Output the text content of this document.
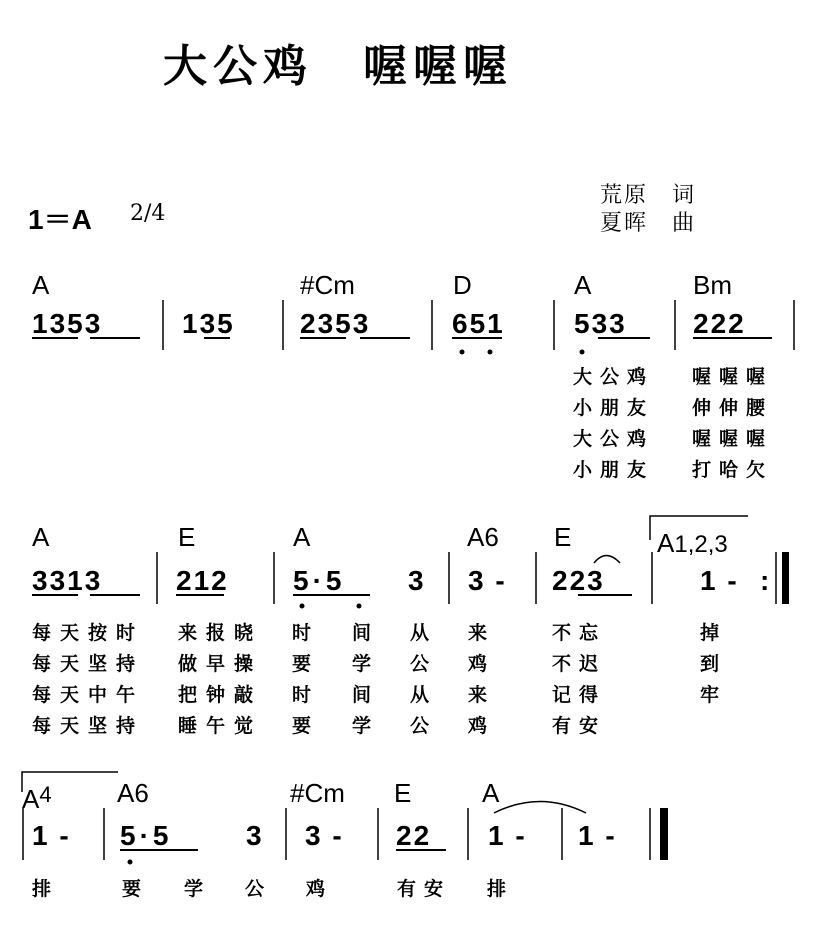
大公鸡　喔喔喔
荒原　词
夏晖　曲
1＝A 2/4
A	#Cm	D	A	Bm
1353	135 2353	651 533 222
大公鸡 喔喔喔
小朋友 伸伸腰
大公鸡 喔喔喔
小朋友 打哈欠
A	E	A	A6 E	A1,2,3
3313	212 5·5 3 3 - 223	1 - :
每天按时 来报晓 时 间 从 来	不忘	掉
每天坚持 做早操 要 学 公 鸡	不迟	到
每天中午 把钟敲 时 间 从 来	记得	牢
每天坚持 睡午觉 要 学 公 鸡	有安
$A^4$	A6	#Cm E	A
1 - 5·5	3 3 - 22 1 - 1 -
排	要 学 公 鸡	有安 排
